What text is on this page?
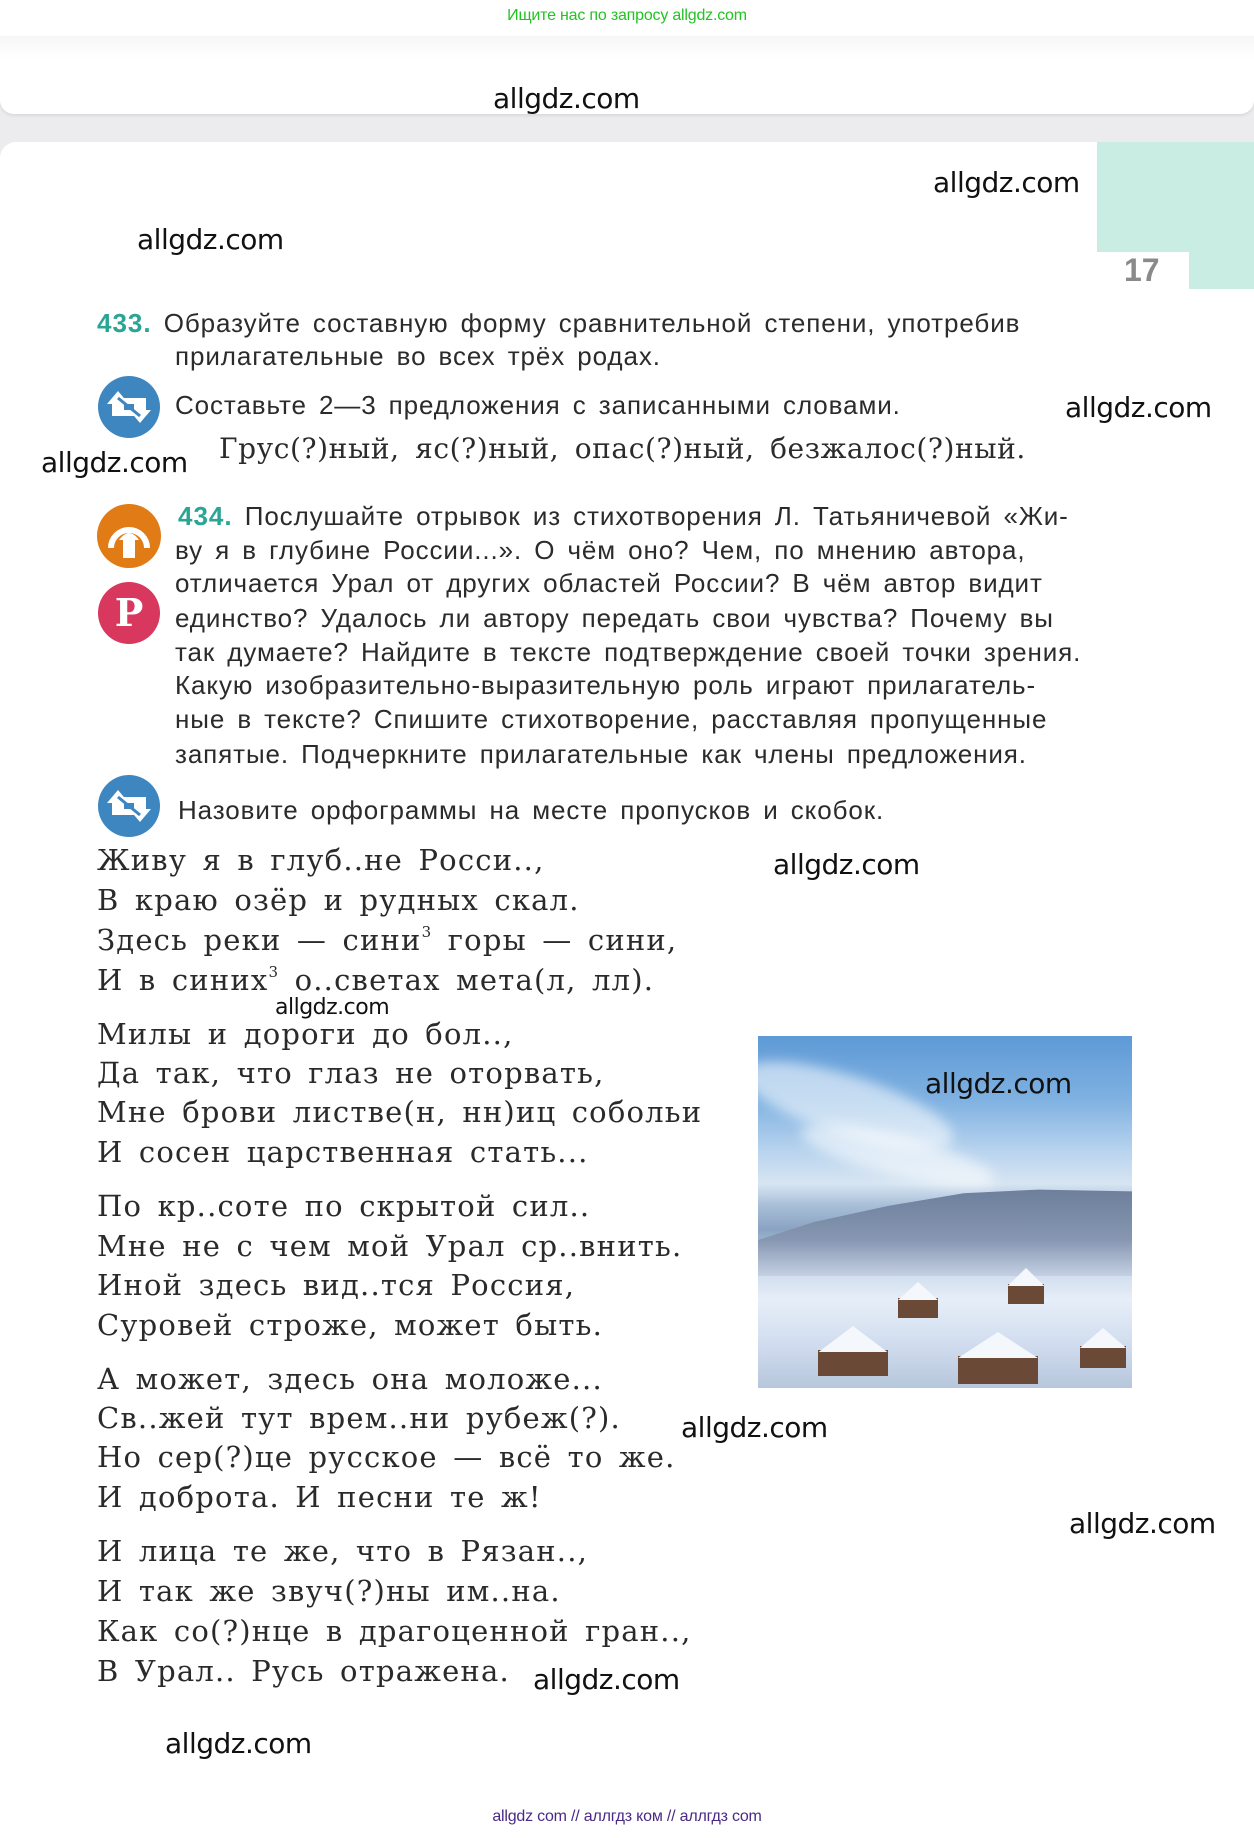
Ищите нас по запросу allgdz.com
17
433. Образуйте составную форму сравнительной степени, употребив
прилагательные во всех трёх родах.
Составьте 2—3 предложения с записанными словами.
Грус(?)ный, яс(?)ный, опас(?)ный, безжалос(?)ный.
P
434. Послушайте отрывок из стихотворения Л. Татьяничевой «Жи-
ву я в глубине России...». О чём оно? Чем, по мнению автора,
отличается Урал от других областей России? В чём автор видит
единство? Удалось ли автору передать свои чувства? Почему вы
так думаете? Найдите в тексте подтверждение своей точки зрения.
Какую изобразительно-выразительную роль играют прилагатель-
ные в тексте? Спишите стихотворение, расставляя пропущенные
запятые. Подчеркните прилагательные как члены предложения.
Назовите орфограммы на месте пропусков и скобок.
Живу я в глуб..не Росси..,
В краю озёр и рудных скал.
Здесь реки — сини$^3$ горы — сини,
И в синих$^3$ о..светах мета(л, лл).
Милы и дороги до бол..,
Да так, что глаз не оторвать,
Мне брови листве(н, нн)иц собольи
И сосен царственная стать...
По кр..соте по скрытой сил..
Мне не с чем мой Урал ср..внить.
Иной здесь вид..тся Россия,
Суровей строже, может быть.
А может, здесь она моложе...
Св..жей тут врем..ни рубеж(?).
Но сер(?)це русское — всё то же.
И доброта. И песни те ж!
И лица те же, что в Рязан..,
И так же звуч(?)ны им..на.
Как со(?)нце в драгоценной гран..,
В Урал.. Русь отражена.
allgdz.com
allgdz.com
allgdz.com
allgdz.com
allgdz.com
allgdz.com
allgdz.com
allgdz.com
allgdz.com
allgdz.com
allgdz.com
allgdz.com
allgdz com // аллгдз ком // аллгдз com
